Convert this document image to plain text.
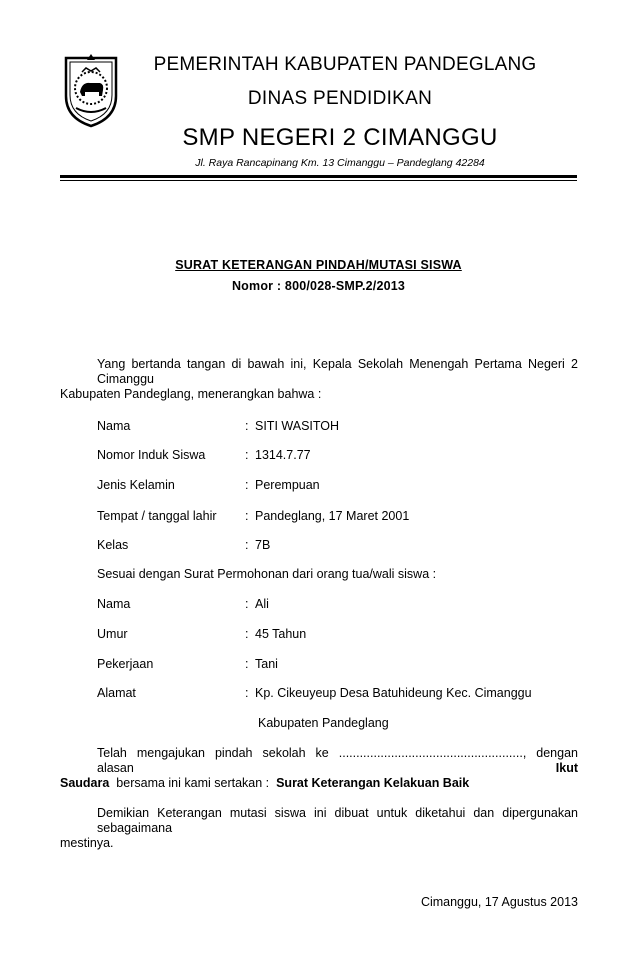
PEMERINTAH KABUPATEN PANDEGLANG
DINAS PENDIDIKAN
SMP NEGERI 2 CIMANGGU
Jl. Raya Rancapinang Km. 13 Cimanggu – Pandeglang 42284
SURAT KETERANGAN PINDAH/MUTASI SISWA
Nomor : 800/028-SMP.2/2013
Yang bertanda tangan di bawah ini, Kepala Sekolah Menengah Pertama Negeri 2 Cimanggu
Kabupaten Pandeglang, menerangkan bahwa :
Nama	: SITI WASITOH
Nomor Induk Siswa	: 1314.7.77
Jenis Kelamin	: Perempuan
Tempat / tanggal lahir : Pandeglang, 17 Maret 2001
Kelas	: 7B
Sesuai dengan Surat Permohonan dari orang tua/wali siswa :
Nama	: Ali
Umur	: 45 Tahun
Pekerjaan	: Tani
Alamat	: Kp. Cikeuyeup Desa Batuhideung Kec. Cimanggu
Kabupaten Pandeglang
Telah mengajukan pindah sekolah ke ....................................................., dengan alasan	Ikut
Saudara bersama ini kami sertakan : Surat Keterangan Kelakuan Baik
Demikian Keterangan mutasi siswa ini dibuat untuk diketahui dan dipergunakan sebagaimana
mestinya.
Cimanggu, 17 Agustus 2013
